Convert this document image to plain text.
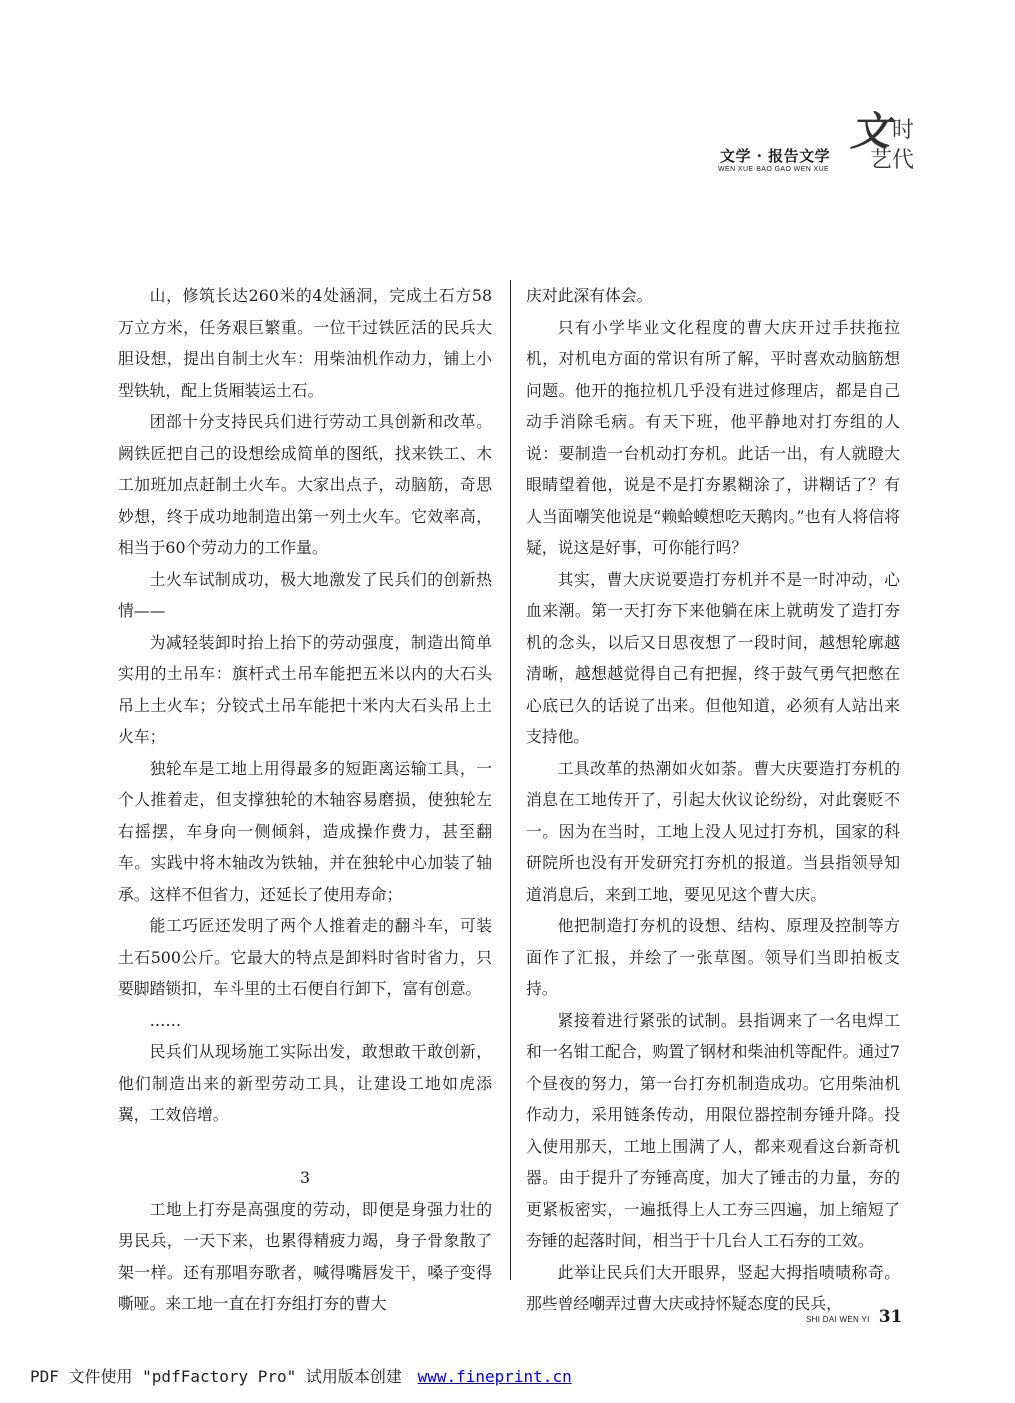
文学 · 报告文学
WEN XUE·BAO GAO WEN XUE
文 时
艺代

山，修筑长达260米的4处涵洞，完成土石方58万立方米，任务艰巨繁重。一位干过铁匠活的民兵大胆设想，提出自制土火车：用柴油机作动力，铺上小型铁轨，配上货厢装运土石。

团部十分支持民兵们进行劳动工具创新和改革。阙铁匠把自己的设想绘成简单的图纸，找来铁工、木工加班加点赶制土火车。大家出点子，动脑筋，奇思妙想，终于成功地制造出第一列土火车。它效率高，相当于60个劳动力的工作量。

土火车试制成功，极大地激发了民兵们的创新热情——

为减轻装卸时抬上抬下的劳动强度，制造出简单实用的土吊车：旗杆式土吊车能把五米以内的大石头吊上土火车；分铰式土吊车能把十米内大石头吊上土火车；

独轮车是工地上用得最多的短距离运输工具，一个人推着走，但支撑独轮的木轴容易磨损，使独轮左右摇摆，车身向一侧倾斜，造成操作费力，甚至翻车。实践中将木轴改为铁轴，并在独轮中心加装了轴承。这样不但省力，还延长了使用寿命；

能工巧匠还发明了两个人推着走的翻斗车，可装土石500公斤。它最大的特点是卸料时省时省力，只要脚踏锁扣，车斗里的土石便自行卸下，富有创意。

……

民兵们从现场施工实际出发，敢想敢干敢创新，他们制造出来的新型劳动工具，让建设工地如虎添翼，工效倍增。

3

工地上打夯是高强度的劳动，即便是身强力壮的男民兵，一天下来，也累得精疲力竭，身子骨象散了架一样。还有那唱夯歌者，喊得嘴唇发干，嗓子变得嘶哑。来工地一直在打夯组打夯的曹大

庆对此深有体会。

只有小学毕业文化程度的曹大庆开过手扶拖拉机，对机电方面的常识有所了解，平时喜欢动脑筋想问题。他开的拖拉机几乎没有进过修理店，都是自己动手消除毛病。有天下班，他平静地对打夯组的人说：要制造一台机动打夯机。此话一出，有人就瞪大眼睛望着他，说是不是打夯累糊涂了，讲糊话了？有人当面嘲笑他说是“赖蛤蟆想吃天鹅肉。”也有人将信将疑，说这是好事，可你能行吗？

其实，曹大庆说要造打夯机并不是一时冲动，心血来潮。第一天打夯下来他躺在床上就萌发了造打夯机的念头，以后又日思夜想了一段时间，越想轮廓越清晰，越想越觉得自己有把握，终于鼓气勇气把憋在心底已久的话说了出来。但他知道，必须有人站出来支持他。

工具改革的热潮如火如荼。曹大庆要造打夯机的消息在工地传开了，引起大伙议论纷纷，对此褒贬不一。因为在当时，工地上没人见过打夯机，国家的科研院所也没有开发研究打夯机的报道。当县指领导知道消息后，来到工地，要见见这个曹大庆。

他把制造打夯机的设想、结构、原理及控制等方面作了汇报，并绘了一张草图。领导们当即拍板支持。

紧接着进行紧张的试制。县指调来了一名电焊工和一名钳工配合，购置了钢材和柴油机等配件。通过7个昼夜的努力，第一台打夯机制造成功。它用柴油机作动力，采用链条传动，用限位器控制夯锤升降。投入使用那天，工地上围满了人，都来观看这台新奇机器。由于提升了夯锤高度，加大了锤击的力量，夯的更紧板密实，一遍抵得上人工夯三四遍，加上缩短了夯锤的起落时间，相当于十几台人工石夯的工效。

此举让民兵们大开眼界，竖起大拇指啧啧称奇。那些曾经嘲弄过曹大庆或持怀疑态度的民兵，

SHI DAI WEN YI 31
PDF 文件使用 "pdfFactory Pro" 试用版本创建 www.fineprint.cn
